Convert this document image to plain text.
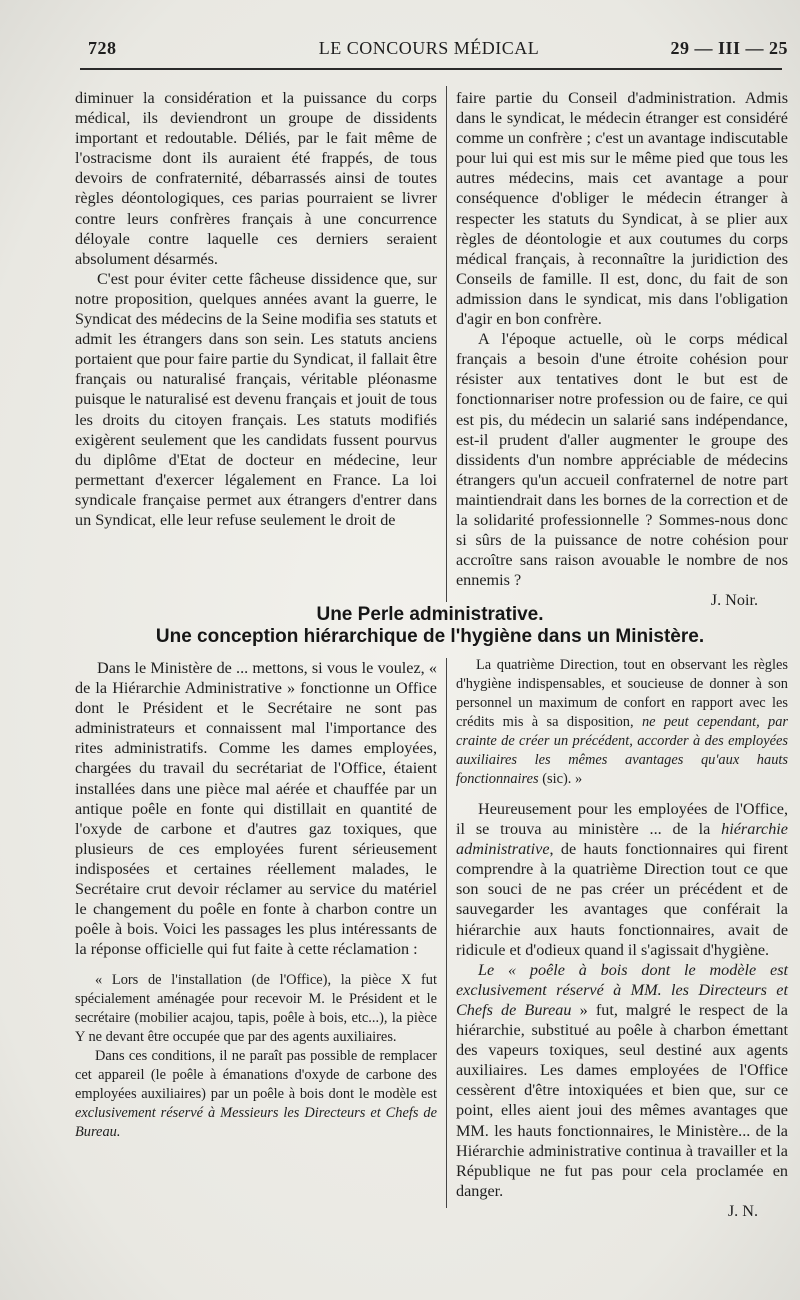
728	LE CONCOURS MÉDICAL	29 — III — 25

diminuer la considération et la puissance du corps médical, ils deviendront un groupe de dissidents important et redoutable. Déliés, par le fait même de l'ostracisme dont ils auraient été frappés, de tous devoirs de confraternité, débarrassés ainsi de toutes règles déontologiques, ces parias pourraient se livrer contre leurs confrères français à une concurrence déloyale contre laquelle ces derniers seraient absolument désarmés.

C'est pour éviter cette fâcheuse dissidence que, sur notre proposition, quelques années avant la guerre, le Syndicat des médecins de la Seine modifia ses statuts et admit les étrangers dans son sein. Les statuts anciens portaient que pour faire partie du Syndicat, il fallait être français ou naturalisé français, véritable pléonasme puisque le naturalisé est devenu français et jouit de tous les droits du citoyen français. Les statuts modifiés exigèrent seulement que les candidats fussent pourvus du diplôme d'Etat de docteur en médecine, leur permettant d'exercer légalement en France. La loi syndicale française permet aux étrangers d'entrer dans un Syndicat, elle leur refuse seulement le droit de

faire partie du Conseil d'administration. Admis dans le syndicat, le médecin étranger est considéré comme un confrère ; c'est un avantage indiscutable pour lui qui est mis sur le même pied que tous les autres médecins, mais cet avantage a pour conséquence d'obliger le médecin étranger à respecter les statuts du Syndicat, à se plier aux règles de déontologie et aux coutumes du corps médical français, à reconnaître la juridiction des Conseils de famille. Il est, donc, du fait de son admission dans le syndicat, mis dans l'obligation d'agir en bon confrère.

A l'époque actuelle, où le corps médical français a besoin d'une étroite cohésion pour résister aux tentatives dont le but est de fonctionnariser notre profession ou de faire, ce qui est pis, du médecin un salarié sans indépendance, est-il prudent d'aller augmenter le groupe des dissidents d'un nombre appréciable de médecins étrangers qu'un accueil confraternel de notre part maintiendrait dans les bornes de la correction et de la solidarité professionnelle ? Sommes-nous donc si sûrs de la puissance de notre cohésion pour accroître sans raison avouable le nombre de nos ennemis ?

J. Noir.

Une Perle administrative.
Une conception hiérarchique de l'hygiène dans un Ministère.

Dans le Ministère de ... mettons, si vous le voulez, « de la Hiérarchie Administrative » fonctionne un Office dont le Président et le Secrétaire ne sont pas administrateurs et connaissent mal l'importance des rites administratifs. Comme les dames employées, chargées du travail du secrétariat de l'Office, étaient installées dans une pièce mal aérée et chauffée par un antique poêle en fonte qui distillait en quantité de l'oxyde de carbone et d'autres gaz toxiques, que plusieurs de ces employées furent sérieusement indisposées et certaines réellement malades, le Secrétaire crut devoir réclamer au service du matériel le changement du poêle en fonte à charbon contre un poêle à bois. Voici les passages les plus intéressants de la réponse officielle qui fut faite à cette réclamation :

« Lors de l'installation (de l'Office), la pièce X fut spécialement aménagée pour recevoir M. le Président et le secrétaire (mobilier acajou, tapis, poêle à bois, etc...), la pièce Y ne devant être occupée que par des agents auxiliaires.

Dans ces conditions, il ne paraît pas possible de remplacer cet appareil (le poêle à émanations d'oxyde de carbone des employées auxiliaires) par un poêle à bois dont le modèle est exclusivement réservé à Messieurs les Directeurs et Chefs de Bureau.

La quatrième Direction, tout en observant les règles d'hygiène indispensables, et soucieuse de donner à son personnel un maximum de confort en rapport avec les crédits mis à sa disposition, ne peut cependant, par crainte de créer un précédent, accorder à des employées auxiliaires les mêmes avantages qu'aux hauts fonctionnaires (sic). »

Heureusement pour les employées de l'Office, il se trouva au ministère ... de la hiérarchie administrative, de hauts fonctionnaires qui firent comprendre à la quatrième Direction tout ce que son souci de ne pas créer un précédent et de sauvegarder les avantages que conférait la hiérarchie aux hauts fonctionnaires, avait de ridicule et d'odieux quand il s'agissait d'hygiène.

Le « poêle à bois dont le modèle est exclusivement réservé à MM. les Directeurs et Chefs de Bureau » fut, malgré le respect de la hiérarchie, substitué au poêle à charbon émettant des vapeurs toxiques, seul destiné aux agents auxiliaires. Les dames employées de l'Office cessèrent d'être intoxiquées et bien que, sur ce point, elles aient joui des mêmes avantages que MM. les hauts fonctionnaires, le Ministère... de la Hiérarchie administrative continua à travailler et la République ne fut pas pour cela proclamée en danger.

J. N.
